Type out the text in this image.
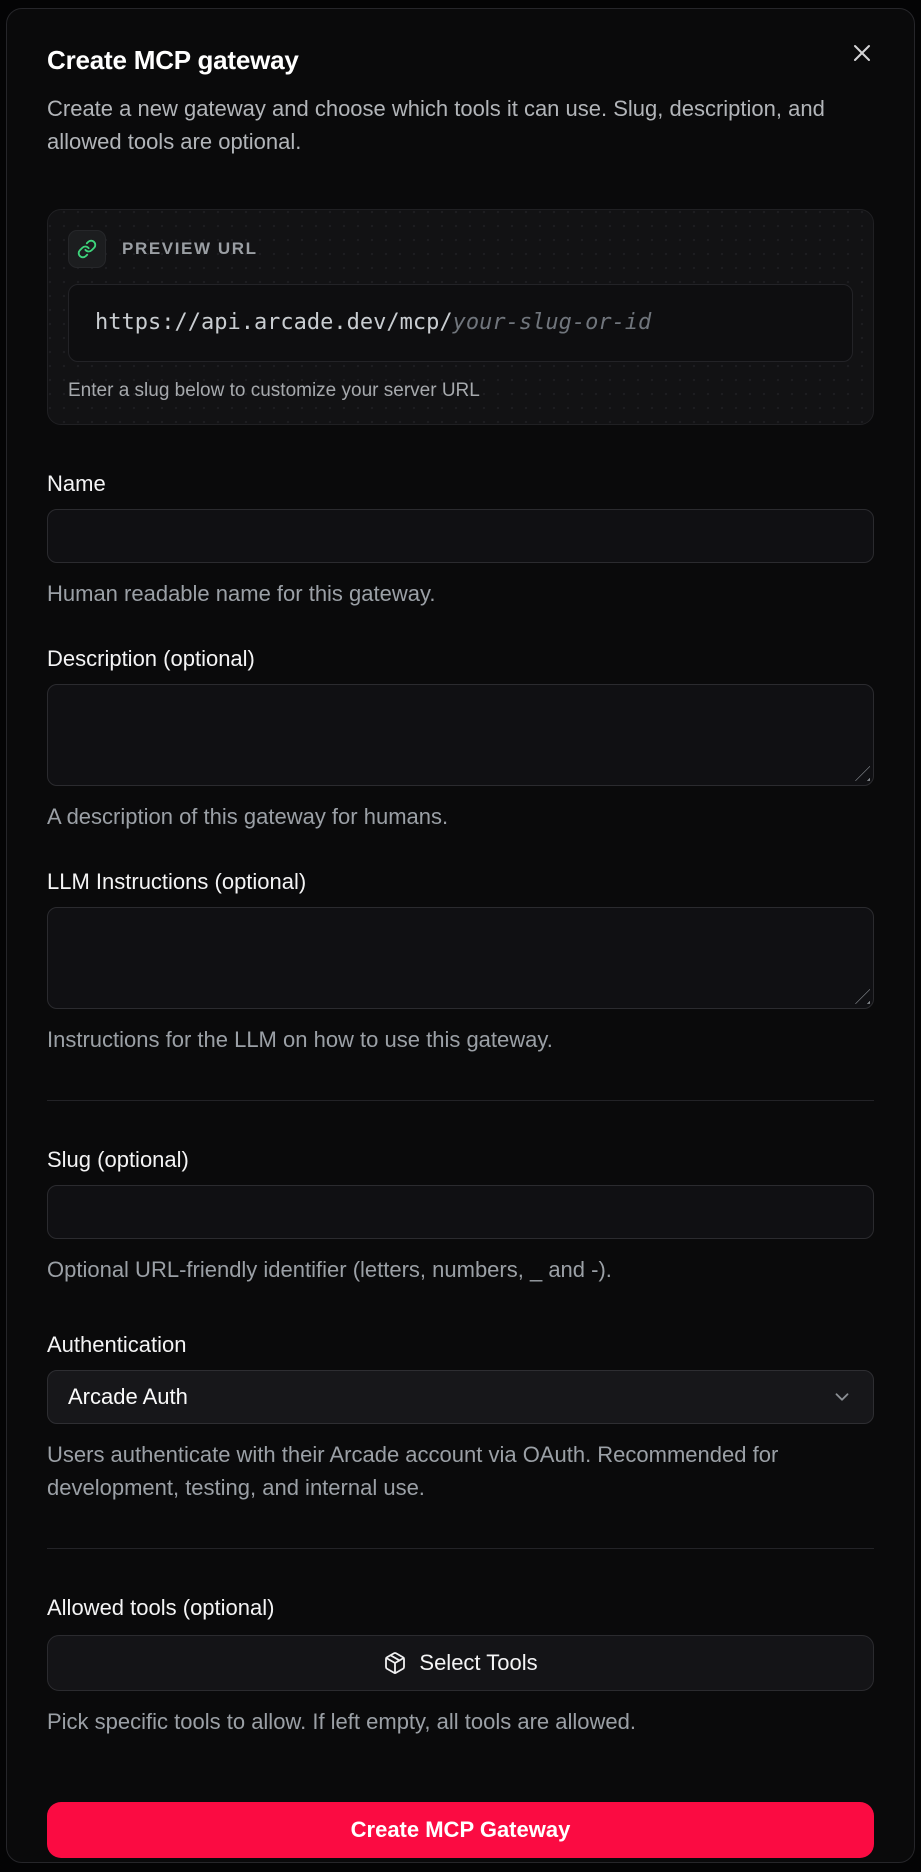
Create MCP gateway

Create a new gateway and choose which tools it can use. Slug, description, and allowed tools are optional.

PREVIEW URL
https://api.arcade.dev/mcp/ your-slug-or-id
Enter a slug below to customize your server URL
Name
Human readable name for this gateway.
Description (optional)
A description of this gateway for humans.
LLM Instructions (optional)
Instructions for the LLM on how to use this gateway.
Slug (optional)
Optional URL-friendly identifier (letters, numbers, _ and -).
Authentication
Arcade Auth
Users authenticate with their Arcade account via OAuth. Recommended for development, testing, and internal use.
Allowed tools (optional)
Select Tools
Pick specific tools to allow. If left empty, all tools are allowed.
Create MCP Gateway
